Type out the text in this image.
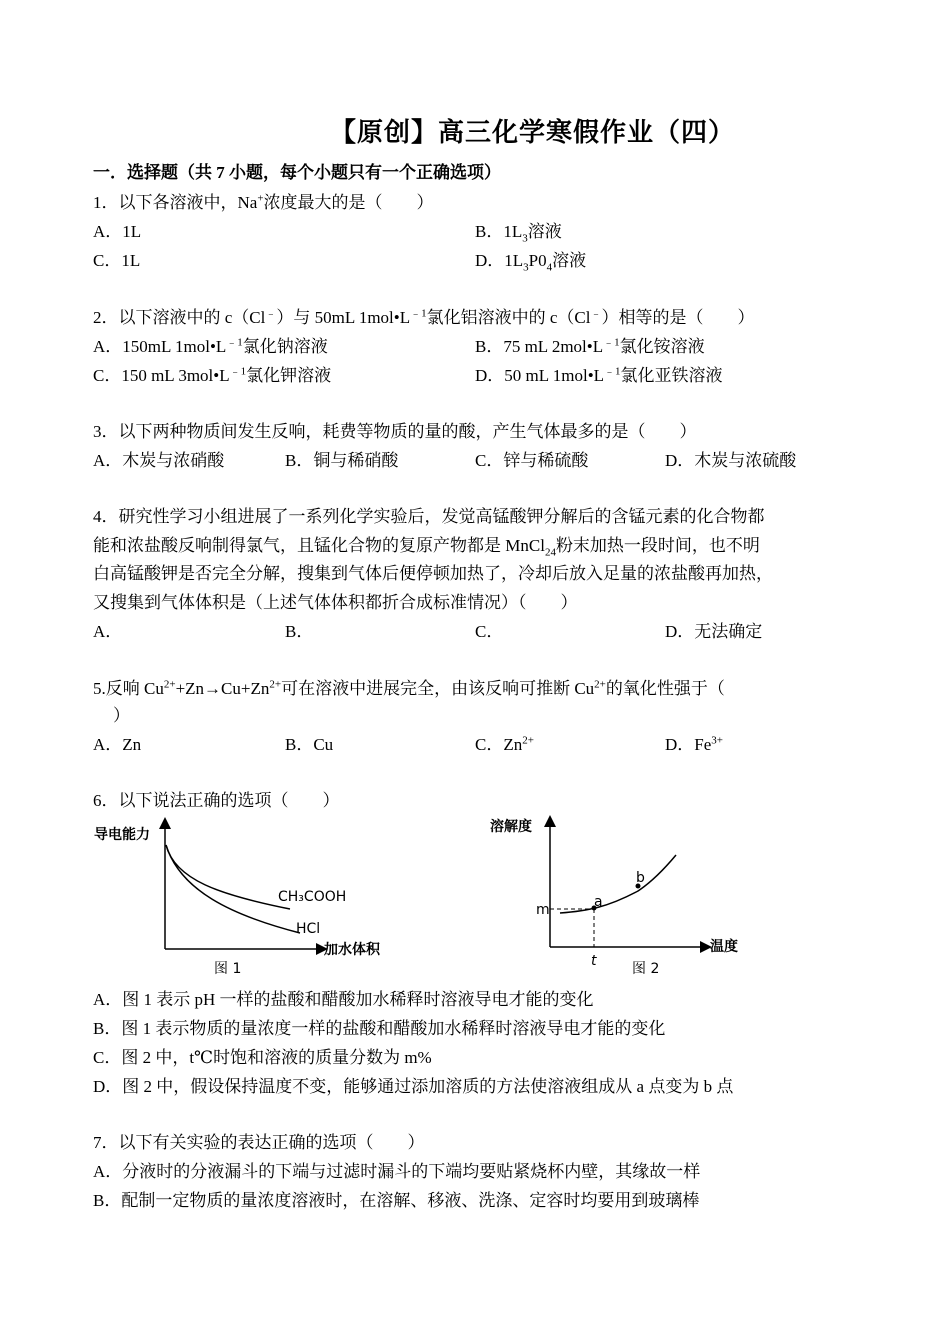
【原创】高三化学寒假作业（四）
一．选择题（共 7 小题，每个小题只有一个正确选项）
1．以下各溶液中，Na+浓度最大的是（　　）
A．1L	B．$1L_3$溶液
C．1L	D．$1L_3P0_4$溶液
2．以下溶液中的 c（Cl﹣）与 50mL $1mol•L^{﹣1}$氯化铝溶液中的 c（Cl﹣）相等的是（　　）
A．150mL $1mol•L^{﹣1}$氯化钠溶液	B．75 mL $2mol•L^{﹣1}$氯化铵溶液
C．150 mL $3mol•L^{﹣1}$氯化钾溶液	D．50 mL $1mol•L^{﹣1}$氯化亚铁溶液
3．以下两种物质间发生反响，耗费等物质的量的酸，产生气体最多的是（　　）
A．木炭与浓硝酸	B．铜与稀硝酸	C．锌与稀硫酸	D．木炭与浓硫酸
4．研究性学习小组进展了一系列化学实验后，发觉高锰酸钾分解后的含锰元素的化合物都
能和浓盐酸反响制得氯气，且锰化合物的复原产物都是 MnCl$_{24}$粉末加热一段时间，也不明
白高锰酸钾是否完全分解，搜集到气体后便停顿加热了，冷却后放入足量的浓盐酸再加热，
又搜集到气体体积是（上述气体体积都折合成标准情况）（　　）
A．	B．	C．	D．无法确定
5.反响 $Cu^{2+}+Zn\to Cu+Zn^{2+}$可在溶液中进展完全，由该反响可推断 $Cu^{2+}$的氧化性强于（
）
A．Zn	B．Cu	C．$Zn^{2+}$	D．$Fe^{3+}$
6．以下说法正确的选项（　　）
导电能力
加水体积
CH₃COOH
HCl
图 1
溶解度
温度
m
t
a
b
图 2
A．图 1 表示 pH 一样的盐酸和醋酸加水稀释时溶液导电才能的变化
B．图 1 表示物质的量浓度一样的盐酸和醋酸加水稀释时溶液导电才能的变化
C．图 2 中，t℃时饱和溶液的质量分数为 m%
D．图 2 中，假设保持温度不变，能够通过添加溶质的方法使溶液组成从 a 点变为 b 点
7．以下有关实验的表达正确的选项（　　）
A．分液时的分液漏斗的下端与过滤时漏斗的下端均要贴紧烧杯内壁，其缘故一样
B．配制一定物质的量浓度溶液时，在溶解、移液、洗涤、定容时均要用到玻璃棒
